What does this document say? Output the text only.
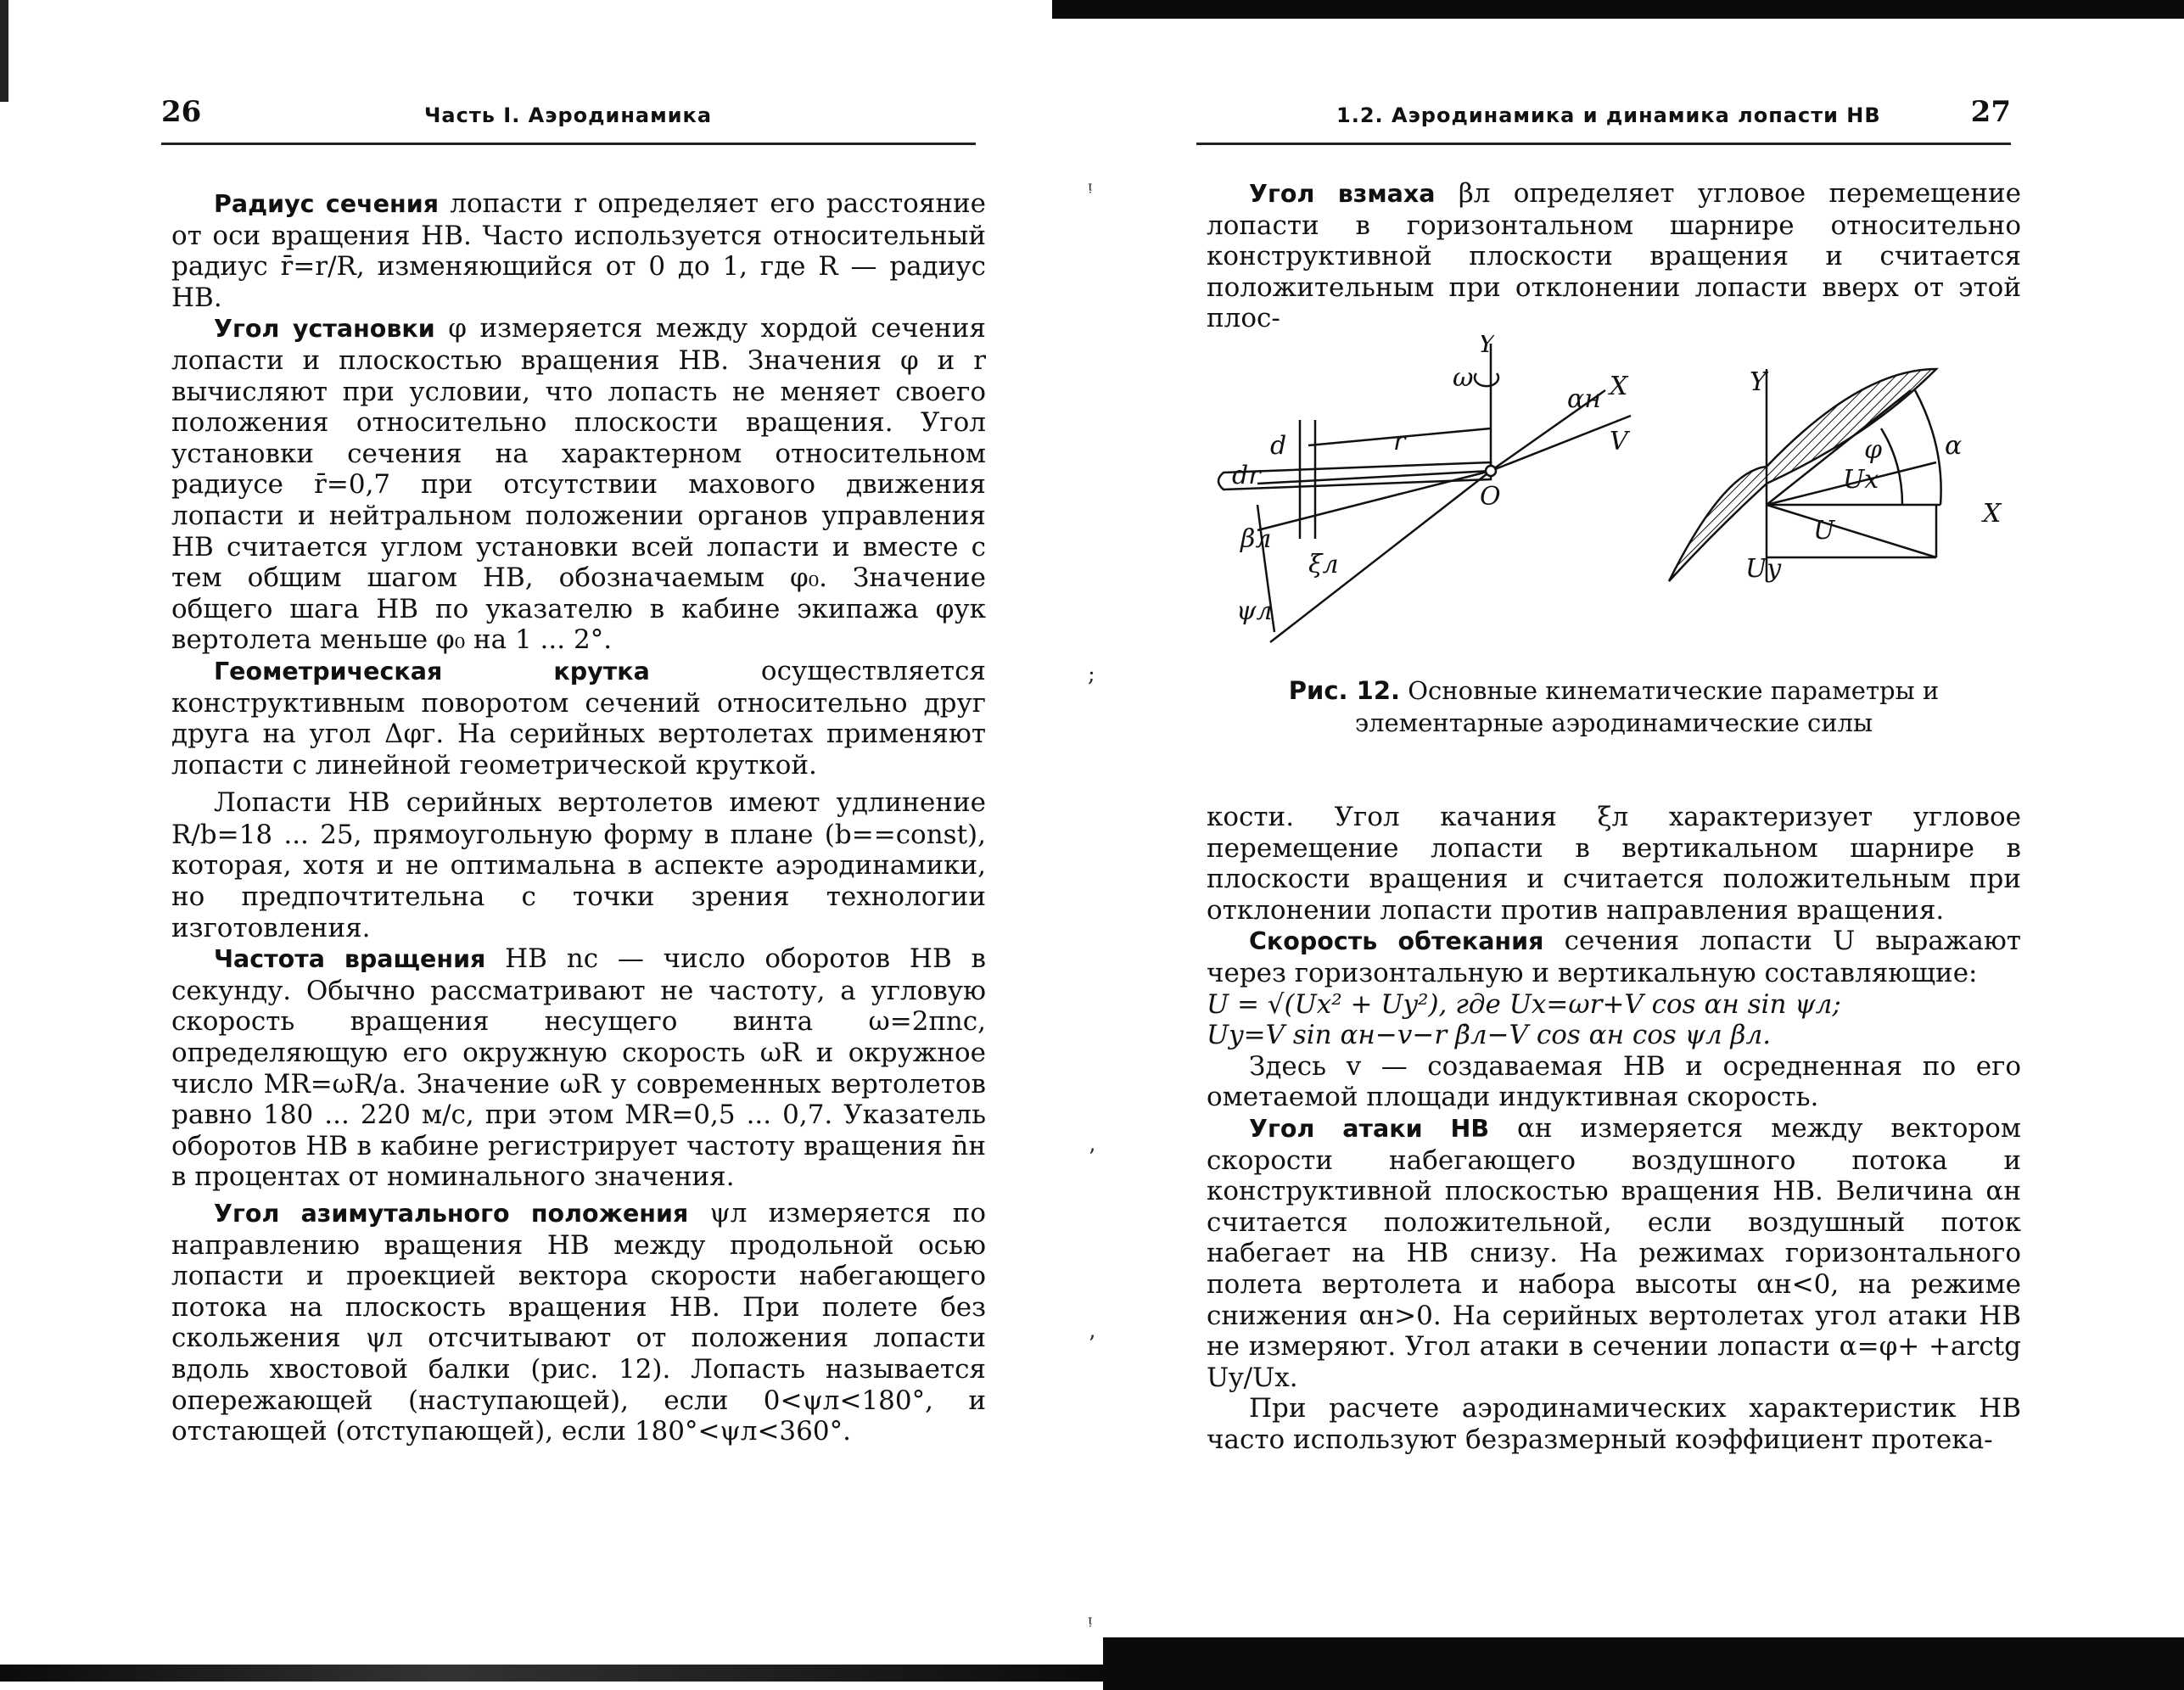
ᵎ
;
ʼ
ʼ
ᵎ
26	Часть I. Аэродинамика

Радиус сечения лопасти r определяет его расстояние от оси вращения НВ. Часто используется относительный радиус r̄=r/R, изменяющийся от 0 до 1, где R — радиус НВ.

Угол установки φ измеряется между хордой сечения лопасти и плоскостью вращения НВ. Значения φ и r вычисляют при условии, что лопасть не меняет своего положения относительно плоскости вращения. Угол установки сечения на характерном относительном радиусе r̄=0,7 при отсутствии махового движения лопасти и нейтральном положении органов управления НВ считается углом установки всей лопасти и вместе с тем общим шагом НВ, обозначаемым φ₀. Значение общего шага НВ по указателю в кабине экипажа φук вертолета меньше φ₀ на 1 ... 2°.

Геометрическая крутка осуществляется конструктивным поворотом сечений относительно друг друга на угол Δφг. На серийных вертолетах применяют лопасти с линейной геометрической круткой.

Лопасти НВ серийных вертолетов имеют удлинение R/b=18 ... 25, прямоугольную форму в плане (b==const), которая, хотя и не оптимальна в аспекте аэродинамики, но предпочтительна с точки зрения технологии изготовления.

Частота вращения НВ nс — число оборотов НВ в секунду. Обычно рассматривают не частоту, а угловую скорость вращения несущего винта ω=2πnс, определяющую его окружную скорость ωR и окружное число MR=ωR/a. Значение ωR у современных вертолетов равно 180 ... 220 м/с, при этом MR=0,5 ... 0,7. Указатель оборотов НВ в кабине регистрирует частоту вращения n̄н в процентах от номинального значения.

Угол азимутального положения ψл измеряется по направлению вращения НВ между продольной осью лопасти и проекцией вектора скорости набегающего потока на плоскость вращения НВ. При полете без скольжения ψл отсчитывают от положения лопасти вдоль хвостовой балки (рис. 12). Лопасть называется опережающей (наступающей), если 0<ψл<180°, и отстающей (отступающей), если 180°<ψл<360°.

1.2. Аэродинамика и динамика лопасти НВ	27

Угол взмаха βл определяет угловое перемещение лопасти в горизонтальном шарнире относительно конструктивной плоскости вращения и считается положительным при отклонении лопасти вверх от этой плос-

Y
ω
αн X
V
d	r
dr
O
βл
ξл
ψл
Y
φ α
Ux
X
U
Uy
Рис. 12. Основные кинематические параметры и элементарные аэродинамические силы

кости. Угол качания ξл характеризует угловое перемещение лопасти в вертикальном шарнире в плоскости вращения и считается положительным при отклонении лопасти против направления вращения.

Скорость обтекания сечения лопасти U выражают через горизонтальную и вертикальную составляющие:

U = √(Ux² + Uy²), где Ux=ωr+V cos αн sin ψл;

Uy=V sin αн−v−r β̇л−V cos αн cos ψл βл.

Здесь v — создаваемая НВ и осредненная по его ометаемой площади индуктивная скорость.

Угол атаки НВ αн измеряется между вектором скорости набегающего воздушного потока и конструктивной плоскостью вращения НВ. Величина αн считается положительной, если воздушный поток набегает на НВ снизу. На режимах горизонтального полета вертолета и набора высоты αн<0, на режиме снижения αн>0. На серийных вертолетах угол атаки НВ не измеряют. Угол атаки в сечении лопасти α=φ+ +arctg Uy/Ux.

При расчете аэродинамических характеристик НВ часто используют безразмерный коэффициент протека-
